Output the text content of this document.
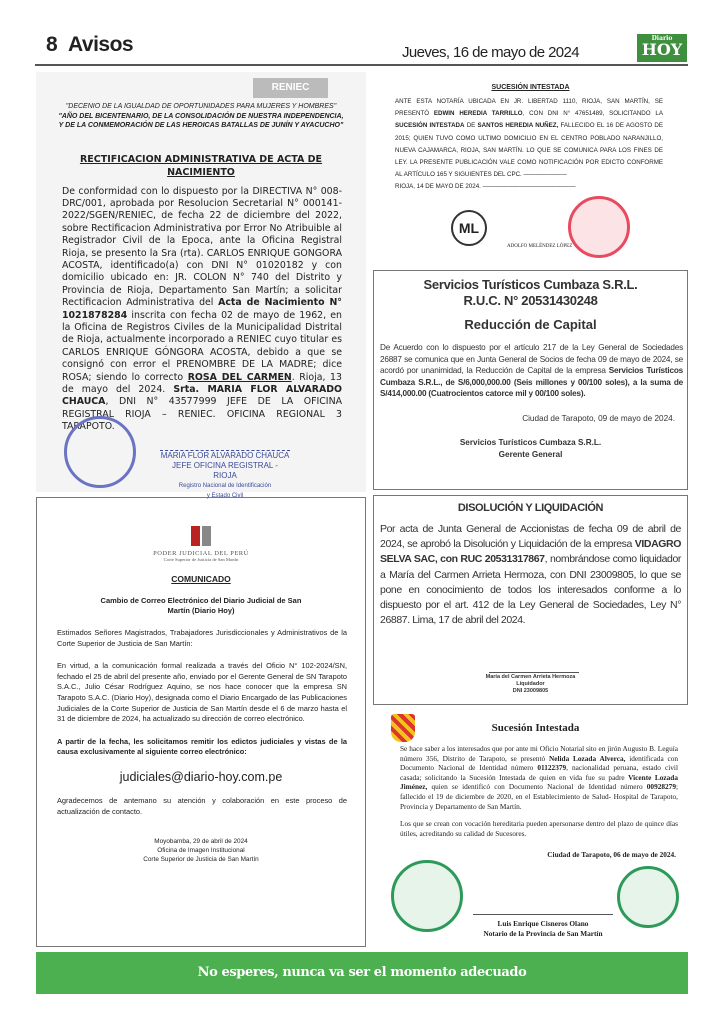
8 Avisos	Jueves, 16 de mayo de 2024
Diario
HOY
RENIEC
"DECENIO DE LA IGUALDAD DE OPORTUNIDADES PARA MUJERES Y HOMBRES"
"AÑO DEL BICENTENARIO, DE LA CONSOLIDACIÓN DE NUESTRA INDEPENDENCIA, Y DE LA CONMEMORACIÓN DE LAS HEROICAS BATALLAS DE JUNÍN Y AYACUCHO"
RECTIFICACION ADMINISTRATIVA DE ACTA DE NACIMIENTO
De conformidad con lo dispuesto por la DIRECTIVA N° 008-DRC/001, aprobada por Resolucion Secretarial N° 000141-2022/SGEN/RENIEC, de fecha 22 de diciembre del 2022, sobre Rectificacion Administrativa por Error No Atribuible al Registrador Civil de la Epoca, ante la Oficina Registral Rioja, se presento la Sra (rta). CARLOS ENRIQUE GONGORA ACOSTA, identificado(a) con DNI N° 01020182 y con domicilio ubicado en: JR. COLON N° 740 del Distrito y Provincia de Rioja, Departamento San Martín; a solicitar Rectificacion Administrativa del Acta de Nacimiento N° 1021878284 inscrita con fecha 02 de mayo de 1962, en la Oficina de Registros Civiles de la Municipalidad Distrital de Rioja, actualmente incorporado a RENIEC cuyo titular es CARLOS ENRIQUE GÓNGORA ACOSTA, debido a que se consignó con error el PRENOMBRE DE LA MADRE; dice ROSA; siendo lo correcto ROSA DEL CARMEN. Rioja, 13 de mayo del 2024. Srta. MARIA FLOR ALVARADO CHAUCA, DNI N° 43577999 JEFE DE LA OFICINA REGISTRAL RIOJA – RENIEC. OFICINA REGIONAL 3 TARAPOTO.
MARIA FLOR ALVARADO CHAUCA
JEFE OFICINA REGISTRAL - RIOJA
Registro Nacional de Identificación
y Estado Civil
SUCESIÓN INTESTADA
ANTE ESTA NOTARÍA UBICADA EN JR. LIBERTAD 1110, RIOJA, SAN MARTÍN, SE PRESENTÓ EDWIN HEREDIA TARRILLO, CON DNI N° 47651489, SOLICITANDO LA SUCESIÓN INTESTADA DE SANTOS HEREDIA NUÑEZ, FALLECIDO EL 16 DE AGOSTO DE 2015; QUIEN TUVO COMO ULTIMO DOMICILIO EN EL CENTRO POBLADO NARANJILLO, NUEVA CAJAMARCA, RIOJA, SAN MARTÍN. LO QUE SE COMUNICA PARA LOS FINES DE LEY. LA PRESENTE PUBLICACIÓN VALE COMO NOTIFICACIÓN POR EDICTO CONFORME AL ARTÍCULO 165 Y SIGUIENTES DEL CPC. ———————
RIOJA, 14 DE MAYO DE 2024. ———————————————
ML
ADOLFO MELÉNDEZ LÓPEZ
Servicios Turísticos Cumbaza S.R.L.
R.U.C. N° 20531430248
Reducción de Capital
De Acuerdo con lo dispuesto por el artículo 217 de la Ley General de Sociedades 26887 se comunica que en Junta General de Socios de fecha 09 de mayo de 2024, se acordó por unanimidad, la Reducción de Capital de la empresa Servicios Turísticos Cumbaza S.R.L., de S/6,000,000.00 (Seis millones y 00/100 soles), a la suma de S/414,000.00 (Cuatrocientos catorce mil y 00/100 soles).
Ciudad de Tarapoto, 09 de mayo de 2024.
Servicios Turísticos Cumbaza S.R.L.
Gerente General
DISOLUCIÓN Y LIQUIDACIÓN
Por acta de Junta General de Accionistas de fecha 09 de abril de 2024, se aprobó la Disolución y Liquidación de la empresa VIDAGRO SELVA SAC, con RUC 20531317867, nombrándose como liquidador a María del Carmen Arrieta Hermoza, con DNI 23009805, lo que se pone en conocimiento de todos los interesados conforme a lo dispuesto por el art. 412 de la Ley General de Sociedades, Ley N° 26887. Lima, 17 de abril del 2024.
María del Carmen Arrieta Hermoza
Liquidador
DNI 23009805
Sucesión Intestada
Se hace saber a los interesados que por ante mi Oficio Notarial sito en jirón Augusto B. Leguía número 356, Distrito de Tarapoto, se presentó Nelida Lozada Alverca, identificada con Documento Nacional de Identidad número 01122379, nacionalidad peruana, estado civil casada; solicitando la Sucesión Intestada de quien en vida fue su padre Vicente Lozada Jiménez, quien se identificó con Documento Nacional de Identidad número 00928279; fallecido el 19 de diciembre de 2020, en el Establecimiento de Salud- Hospital de Tarapoto, Provincia y Departamento de San Martín.
Los que se crean con vocación hereditaria pueden apersonarse dentro del plazo de quince días útiles, acreditando su calidad de Sucesores.
Ciudad de Tarapoto, 06 de mayo de 2024.
Luis Enrique Cisneros Olano
Notario de la Provincia de San Martín
PODER JUDICIAL DEL PERÚ
Corte Superior de Justicia de San Martín
COMUNICADO
Cambio de Correo Electrónico del Diario Judicial de San Martín (Diario Hoy)
Estimados Señores Magistrados, Trabajadores Jurisdiccionales y Administrativos de la Corte Superior de Justicia de San Martín:
En virtud, a la comunicación formal realizada a través del Oficio N° 102-2024/SN, fechado el 25 de abril del presente año, enviado por el Gerente General de SN Tarapoto S.A.C., Julio César Rodríguez Aquino, se nos hace conocer que la empresa SN Tarapoto S.A.C. (Diario Hoy), designada como el Diario Encargado de las Publicaciones Judiciales de la Corte Superior de Justicia de San Martín desde el 6 de marzo hasta el 31 de diciembre de 2024, ha actualizado su dirección de correo electrónico.
A partir de la fecha, les solicitamos remitir los edictos judiciales y vistas de la causa exclusivamente al siguiente correo electrónico:
judiciales@diario-hoy.com.pe
Agradecemos de antemano su atención y colaboración en este proceso de actualización de contacto.
Moyobamba, 29 de abril de 2024
Oficina de Imagen Institucional
Corte Superior de Justicia de San Martín
No esperes, nunca va ser el momento adecuado
